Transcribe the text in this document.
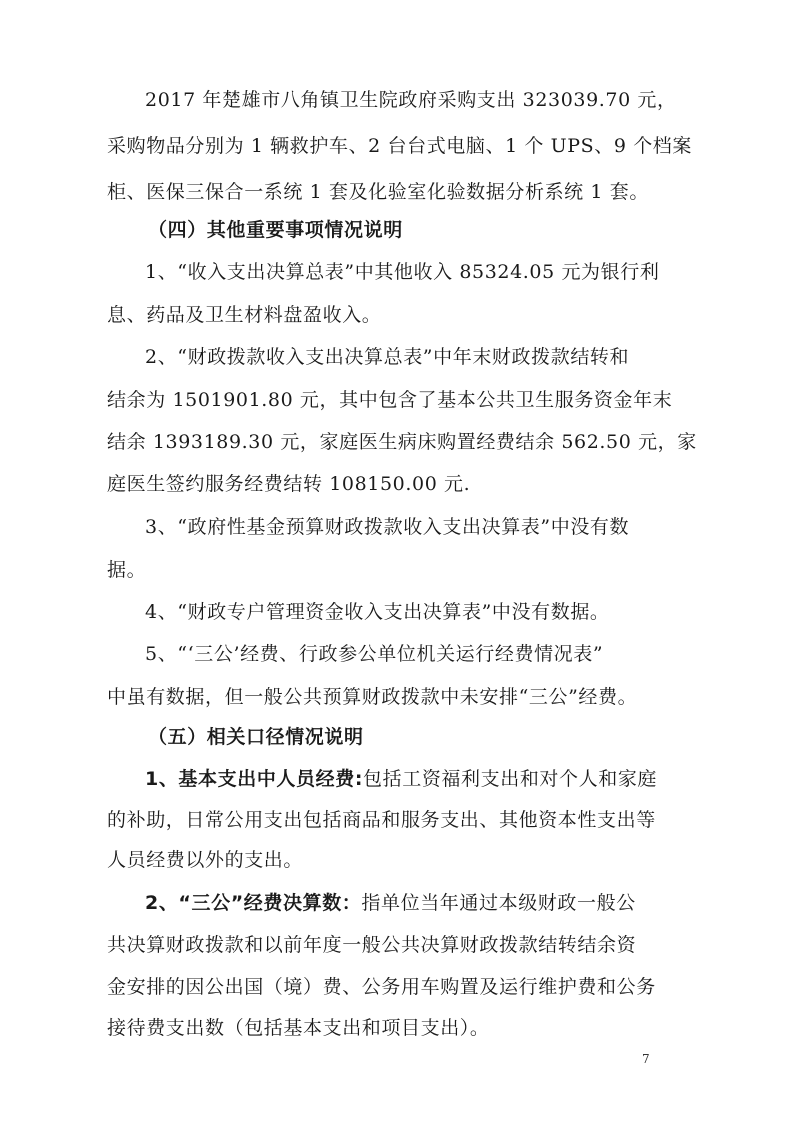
2017 年楚雄市八角镇卫生院政府采购支出 323039.70 元，
采购物品分别为 1 辆救护车、2 台台式电脑、1 个 UPS、9 个档案
柜、医保三保合一系统 1 套及化验室化验数据分析系统 1 套。
（四）其他重要事项情况说明
1、“收入支出决算总表”中其他收入 85324.05 元为银行利
息、药品及卫生材料盘盈收入。
2、“财政拨款收入支出决算总表”中年末财政拨款结转和
结余为 1501901.80 元，其中包含了基本公共卫生服务资金年末
结余 1393189.30 元，家庭医生病床购置经费结余 562.50 元，家
庭医生签约服务经费结转 108150.00 元.
3、“政府性基金预算财政拨款收入支出决算表”中没有数
据。
4、“财政专户管理资金收入支出决算表”中没有数据。
5、“‘三公’经费、行政参公单位机关运行经费情况表”
中虽有数据，但一般公共预算财政拨款中未安排“三公”经费。
（五）相关口径情况说明
1、基本支出中人员经费:包括工资福利支出和对个人和家庭
的补助，日常公用支出包括商品和服务支出、其他资本性支出等
人员经费以外的支出。
2、“三公”经费决算数：指单位当年通过本级财政一般公
共决算财政拨款和以前年度一般公共决算财政拨款结转结余资
金安排的因公出国（境）费、公务用车购置及运行维护费和公务
接待费支出数（包括基本支出和项目支出）。
7
